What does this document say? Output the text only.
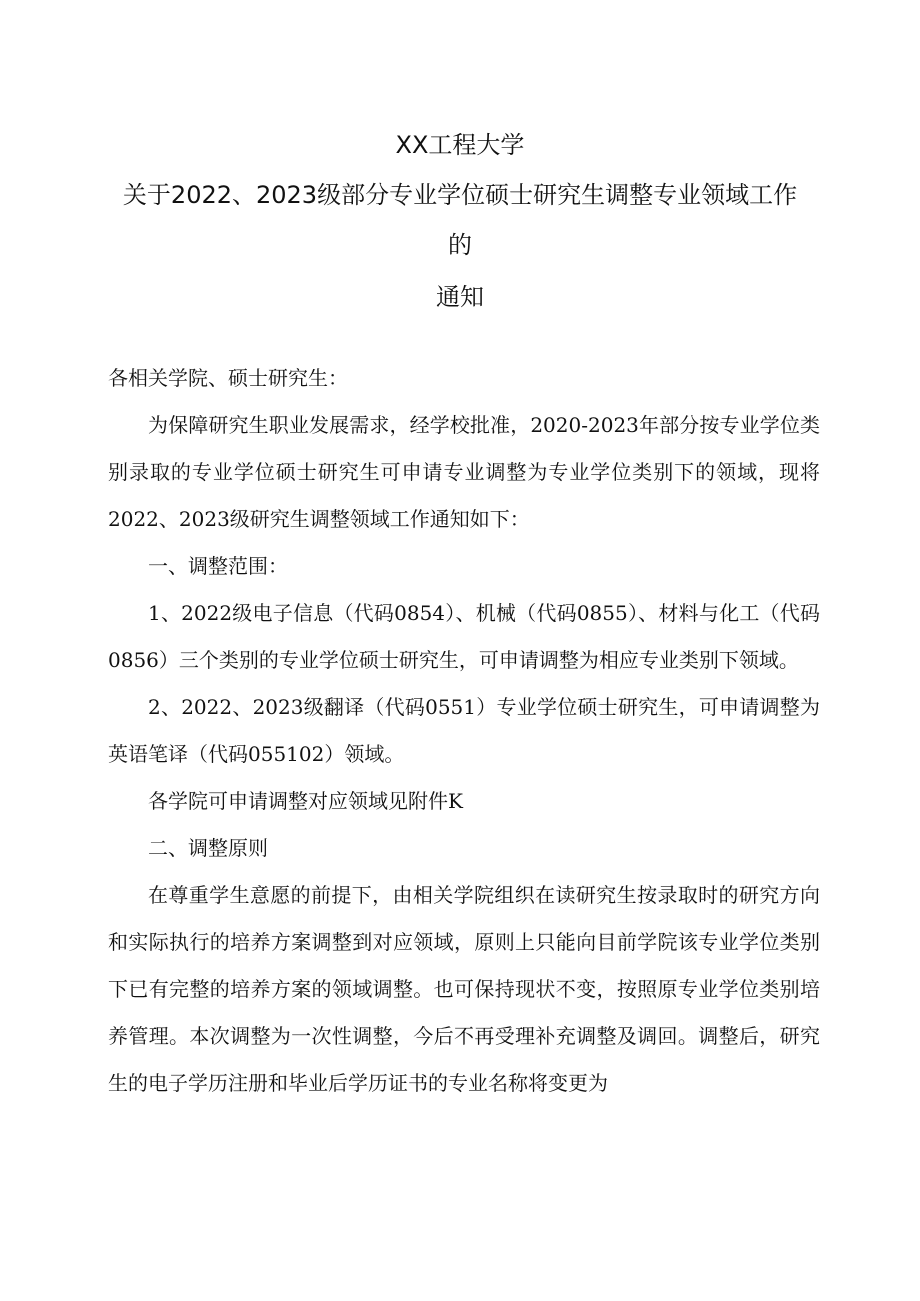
XX工程大学
关于2022、2023级部分专业学位硕士研究生调整专业领域工作
的
通知

各相关学院、硕士研究生：

为保障研究生职业发展需求，经学校批准，2020-2023年部分按专业学位类别录取的专业学位硕士研究生可申请专业调整为专业学位类别下的领域，现将2022、2023级研究生调整领域工作通知如下：

一、调整范围：

1、2022级电子信息（代码0854）、机械（代码0855）、材料与化工（代码0856）三个类别的专业学位硕士研究生，可申请调整为相应专业类别下领域。

2、2022、2023级翻译（代码0551）专业学位硕士研究生，可申请调整为英语笔译（代码055102）领域。

各学院可申请调整对应领域见附件K

二、调整原则

在尊重学生意愿的前提下，由相关学院组织在读研究生按录取时的研究方向和实际执行的培养方案调整到对应领域，原则上只能向目前学院该专业学位类别下已有完整的培养方案的领域调整。也可保持现状不变，按照原专业学位类别培养管理。本次调整为一次性调整，今后不再受理补充调整及调回。调整后，研究生的电子学历注册和毕业后学历证书的专业名称将变更为
